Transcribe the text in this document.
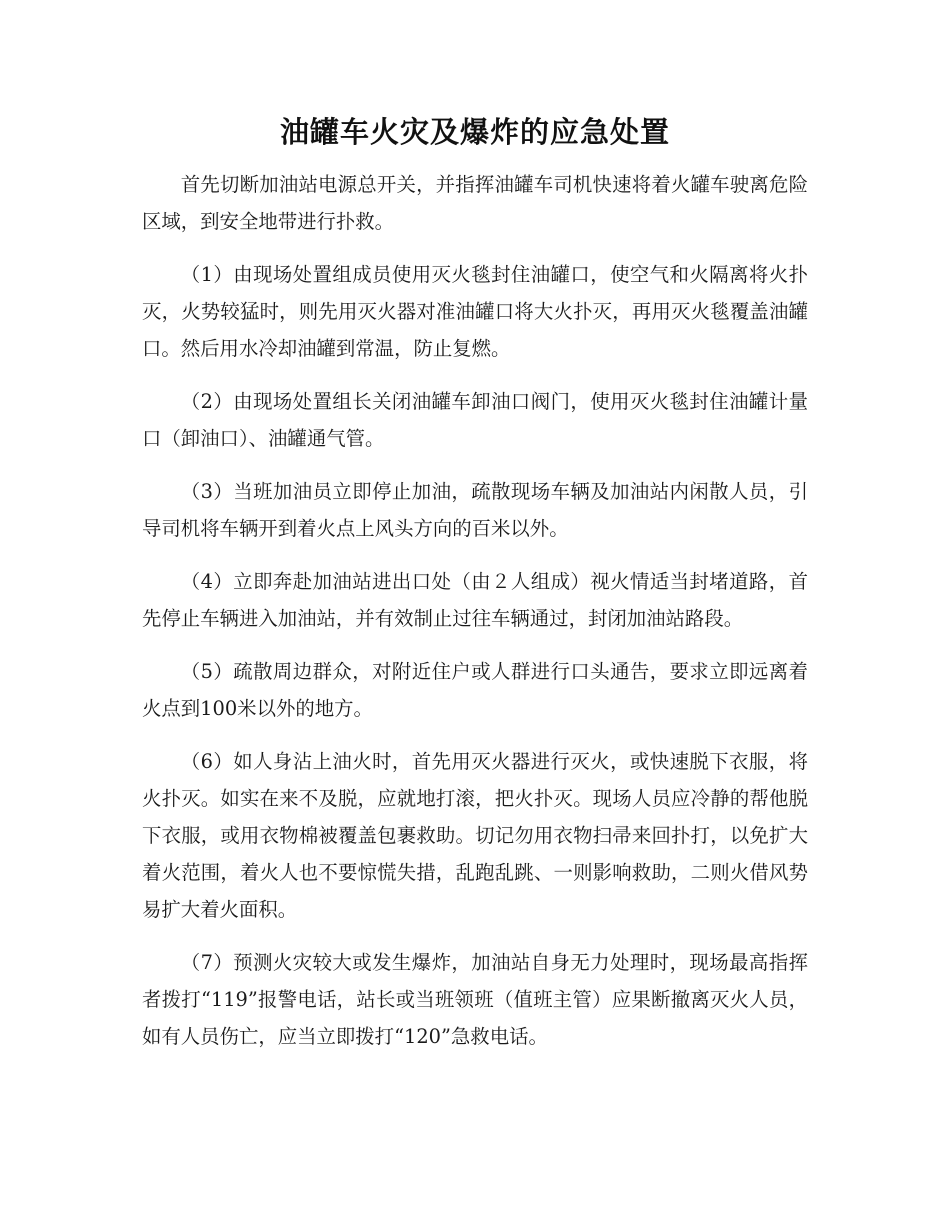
油罐车火灾及爆炸的应急处置

首先切断加油站电源总开关，并指挥油罐车司机快速将着火罐车驶离危险区域，到安全地带进行扑救。

（1）由现场处置组成员使用灭火毯封住油罐口，使空气和火隔离将火扑灭，火势较猛时，则先用灭火器对准油罐口将大火扑灭，再用灭火毯覆盖油罐口。然后用水冷却油罐到常温，防止复燃。

（2）由现场处置组长关闭油罐车卸油口阀门，使用灭火毯封住油罐计量口（卸油口）、油罐通气管。

（3）当班加油员立即停止加油，疏散现场车辆及加油站内闲散人员，引导司机将车辆开到着火点上风头方向的百米以外。

（4）立即奔赴加油站进出口处（由２人组成）视火情适当封堵道路，首先停止车辆进入加油站，并有效制止过往车辆通过，封闭加油站路段。

（5）疏散周边群众，对附近住户或人群进行口头通告，要求立即远离着火点到100米以外的地方。

（6）如人身沾上油火时，首先用灭火器进行灭火，或快速脱下衣服，将火扑灭。如实在来不及脱，应就地打滚，把火扑灭。现场人员应冷静的帮他脱下衣服，或用衣物棉被覆盖包裹救助。切记勿用衣物扫帚来回扑打，以免扩大着火范围，着火人也不要惊慌失措，乱跑乱跳、一则影响救助，二则火借风势易扩大着火面积。

（7）预测火灾较大或发生爆炸，加油站自身无力处理时，现场最高指挥者拨打“119”报警电话，站长或当班领班（值班主管）应果断撤离灭火人员，如有人员伤亡，应当立即拨打“120”急救电话。
